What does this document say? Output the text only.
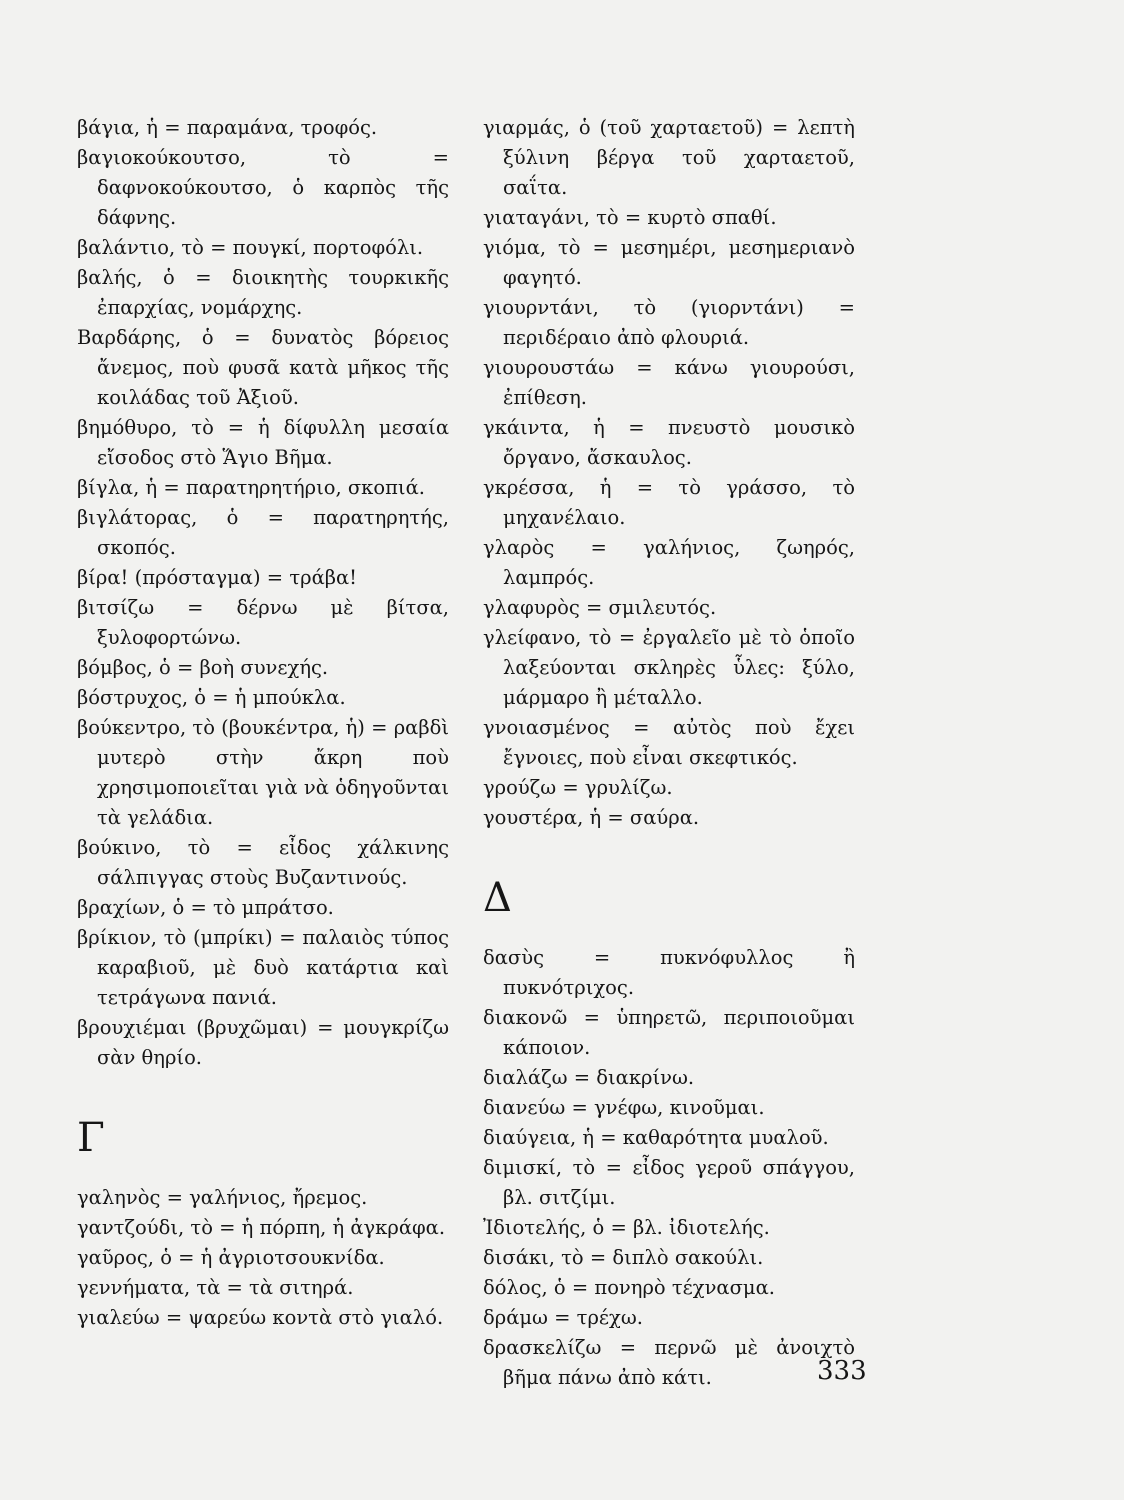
βάγια, ἡ = παραμάνα, τροφός.

βαγιοκούκουτσο, τὸ = δαφνοκούκουτσο, ὁ καρπὸς τῆς δάφνης.

βαλάντιο, τὸ = πουγκί, πορτοφόλι.

βαλής, ὁ = διοικητὴς τουρκικῆς ἐπαρχίας, νομάρχης.

Βαρδάρης, ὁ = δυνατὸς βόρειος ἄνεμος, ποὺ φυσᾶ κατὰ μῆκος τῆς κοιλάδας τοῦ Ἀξιοῦ.

βημόθυρο, τὸ = ἡ δίφυλλη μεσαία εἴσοδος στὸ Ἅγιο Βῆμα.

βίγλα, ἡ = παρατηρητήριο, σκοπιά.

βιγλάτορας, ὁ = παρατηρητής, σκοπός.

βίρα! (πρόσταγμα) = τράβα!

βιτσίζω = δέρνω μὲ βίτσα, ξυλοφορτώνω.

βόμβος, ὁ = βοὴ συνεχής.

βόστρυχος, ὁ = ἡ μπούκλα.

βούκεντρο, τὸ (βουκέντρα, ἡ) = ραβδὶ μυτερὸ στὴν ἄκρη ποὺ χρησιμοποιεῖται γιὰ νὰ ὁδηγοῦνται τὰ γελάδια.

βούκινο, τὸ = εἶδος χάλκινης σάλπιγγας στοὺς Βυζαντινούς.

βραχίων, ὁ = τὸ μπράτσο.

βρίκιον, τὸ (μπρίκι) = παλαιὸς τύπος καραβιοῦ, μὲ δυὸ κατάρτια καὶ τετράγωνα πανιά.

βρουχιέμαι (βρυχῶμαι) = μουγκρίζω σὰν θηρίο.

Γ

γαληνὸς = γαλήνιος, ἤρεμος.

γαντζούδι, τὸ = ἡ πόρπη, ἡ ἀγκράφα.

γαῦρος, ὁ = ἡ ἀγριοτσουκνίδα.

γεννήματα, τὰ = τὰ σιτηρά.

γιαλεύω = ψαρεύω κοντὰ στὸ γιαλό.

γιαρμάς, ὁ (τοῦ χαρταετοῦ) = λεπτὴ ξύλινη βέργα τοῦ χαρταετοῦ, σαΐτα.

γιαταγάνι, τὸ = κυρτὸ σπαθί.

γιόμα, τὸ = μεσημέρι, μεσημεριανὸ φαγητό.

γιουρντάνι, τὸ (γιορντάνι) = περιδέραιο ἀπὸ φλουριά.

γιουρουστάω = κάνω γιουρούσι, ἐπίθεση.

γκάιντα, ἡ = πνευστὸ μουσικὸ ὄργανο, ἄσκαυλος.

γκρέσσα, ἡ = τὸ γράσσο, τὸ μηχανέλαιο.

γλαρὸς = γαλήνιος, ζωηρός, λαμπρός.

γλαφυρὸς = σμιλευτός.

γλείφανο, τὸ = ἐργαλεῖο μὲ τὸ ὁποῖο λαξεύονται σκληρὲς ὗλες: ξύλο, μάρμαρο ἢ μέταλλο.

γνοιασμένος = αὐτὸς ποὺ ἔχει ἔγνοιες, ποὺ εἶναι σκεφτικός.

γρούζω = γρυλίζω.

γουστέρα, ἡ = σαύρα.

Δ

δασὺς = πυκνόφυλλος ἢ πυκνότριχος.

διακονῶ = ὑπηρετῶ, περιποιοῦμαι κάποιον.

διαλάζω = διακρίνω.

διανεύω = γνέφω, κινοῦμαι.

διαύγεια, ἡ = καθαρότητα μυαλοῦ.

διμισκί, τὸ = εἶδος γεροῦ σπάγγου, βλ. σιτζίμι.

Ἰδιοτελής, ὁ = βλ. ἰδιοτελής.

δισάκι, τὸ = διπλὸ σακούλι.

δόλος, ὁ = πονηρὸ τέχνασμα.

δράμω = τρέχω.

δρασκελίζω = περνῶ μὲ ἀνοιχτὸ βῆμα πάνω ἀπὸ κάτι.	333
